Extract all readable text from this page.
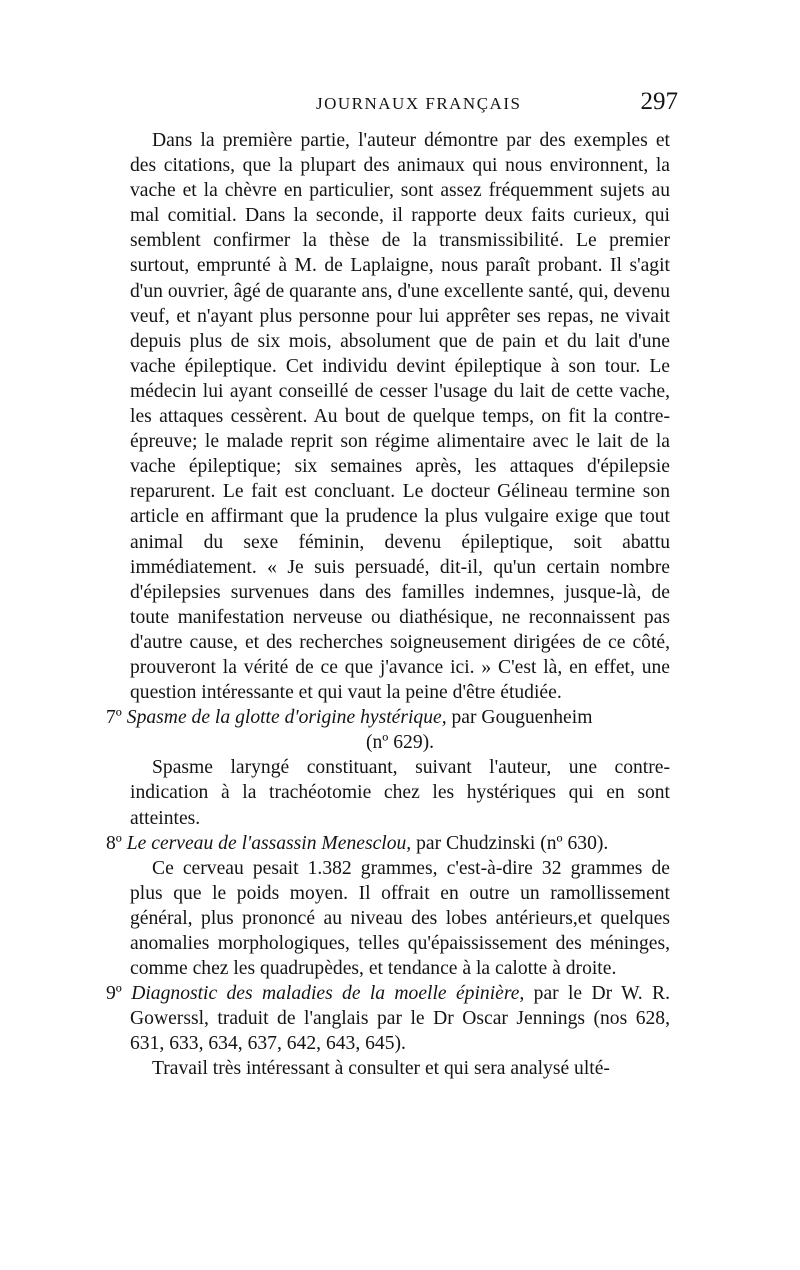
JOURNAUX FRANÇAIS	297

Dans la première partie, l'auteur démontre par des exemples et des citations, que la plupart des animaux qui nous environnent, la vache et la chèvre en particulier, sont assez fréquemment sujets au mal comitial. Dans la seconde, il rapporte deux faits curieux, qui semblent confirmer la thèse de la transmissibilité. Le premier surtout, emprunté à M. de Laplaigne, nous paraît probant. Il s'agit d'un ouvrier, âgé de quarante ans, d'une excellente santé, qui, devenu veuf, et n'ayant plus personne pour lui apprêter ses repas, ne vivait depuis plus de six mois, absolument que de pain et du lait d'une vache épileptique. Cet individu devint épileptique à son tour. Le médecin lui ayant conseillé de cesser l'usage du lait de cette vache, les attaques cessèrent. Au bout de quelque temps, on fit la contre-épreuve; le malade reprit son régime alimentaire avec le lait de la vache épileptique; six semaines après, les attaques d'épilepsie reparurent. Le fait est concluant. Le docteur Gélineau termine son article en affirmant que la prudence la plus vulgaire exige que tout animal du sexe féminin, devenu épileptique, soit abattu immédiatement. « Je suis persuadé, dit-il, qu'un certain nombre d'épilepsies survenues dans des familles indemnes, jusque-là, de toute manifestation nerveuse ou diathésique, ne reconnaissent pas d'autre cause, et des recherches soigneusement dirigées de ce côté, prouveront la vérité de ce que j'avance ici. » C'est là, en effet, une question intéressante et qui vaut la peine d'être étudiée.

7º Spasme de la glotte d'origine hystérique, par Gouguenheim

(nº 629).

Spasme laryngé constituant, suivant l'auteur, une contre-indication à la trachéotomie chez les hystériques qui en sont atteintes.

8º Le cerveau de l'assassin Menesclou, par Chudzinski (nº 630).

Ce cerveau pesait 1.382 grammes, c'est-à-dire 32 grammes de plus que le poids moyen. Il offrait en outre un ramollissement général, plus prononcé au niveau des lobes antérieurs,et quelques anomalies morphologiques, telles qu'épaississement des méninges, comme chez les quadrupèdes, et tendance à la calotte à droite.

9º Diagnostic des maladies de la moelle épinière, par le Dr W. R. Gowerssl, traduit de l'anglais par le Dr Oscar Jennings (nos 628, 631, 633, 634, 637, 642, 643, 645).

Travail très intéressant à consulter et qui sera analysé ulté-
